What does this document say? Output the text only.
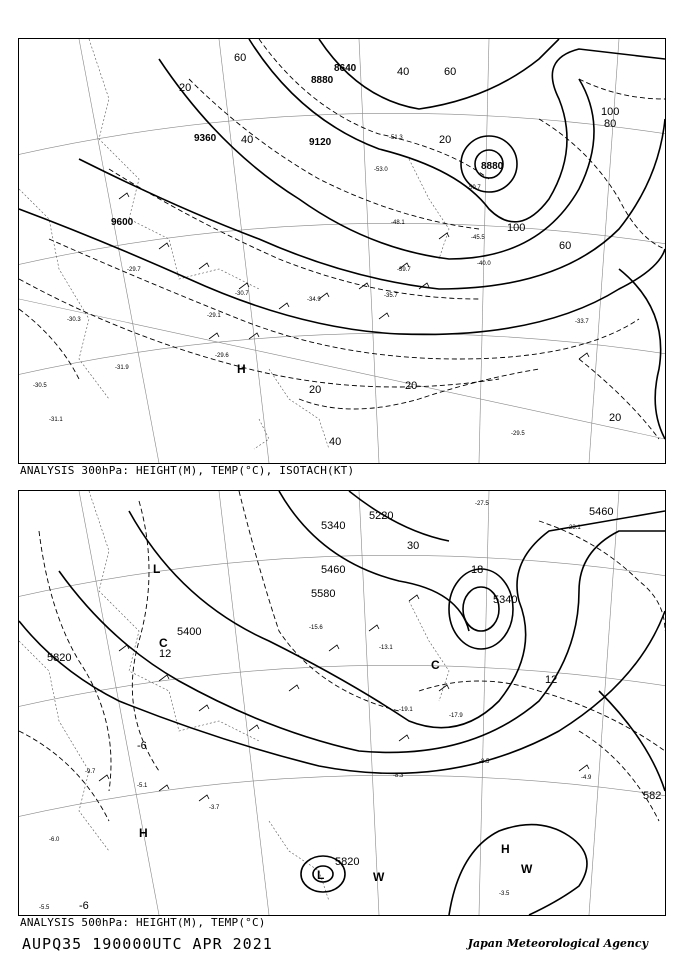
8640
8880
8880
9120
9360
9600
60
40
20
60
100
80
100
60
40	20
20	20
40
20
-51.3
-53.0
-50.7
-48.1
-45.5
-40.0
-39.7
-35.7
-34.9
-30.7
-29.1
-29.6
-31.9
-33.7
-29.5
-30.5
-31.1
-29.7
-30.3
H
ANALYSIS 300hPa: HEIGHT(M), TEMP(°C), ISOTACH(KT)
5220
5340
5460
5580
5400
5820
5820
5460
5340
582
18
30
12
12
-6
-6
-23.1
-27.5
-15.6
-19.1
-13.1
-17.9
-8.5
-8.3	-4.9
-9.7
-5.1
-3.7
-5.5
-6.0
-3.5
L
L
H
H
C
C
W
W
ANALYSIS 500hPa: HEIGHT(M), TEMP(°C)
AUPQ35 190000UTC APR 2021	Japan Meteorological Agency
